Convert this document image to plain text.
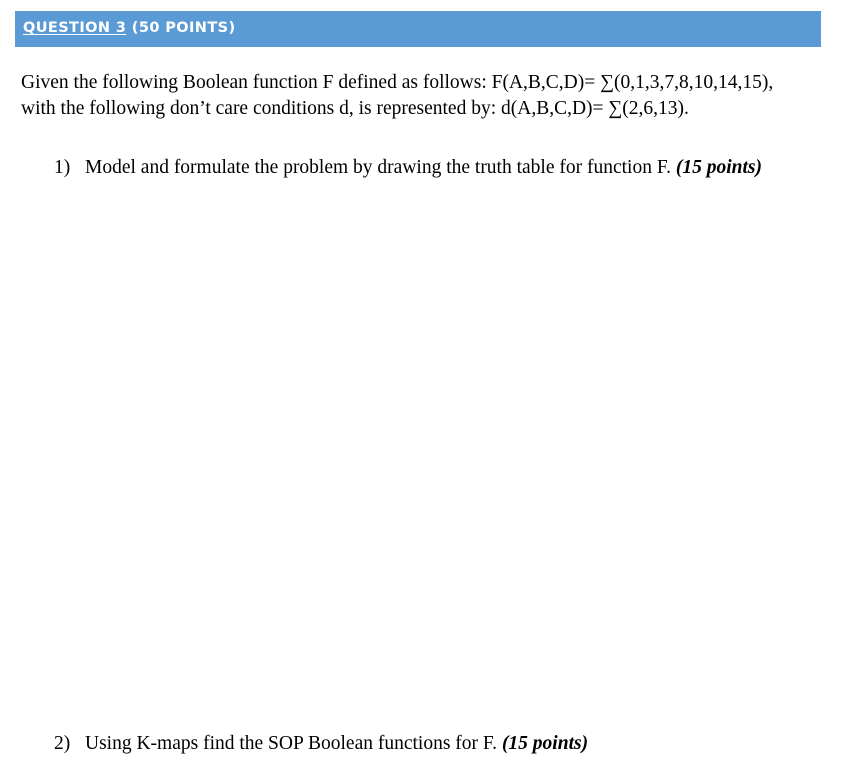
QUESTION 3 (50 POINTS)
Given the following Boolean function F defined as follows: F(A,B,C,D)= ∑(0,1,3,7,8,10,14,15),
with the following don’t care conditions d, is represented by: d(A,B,C,D)= ∑(2,6,13).
1) Model and formulate the problem by drawing the truth table for function F. (15 points)
2) Using K-maps find the SOP Boolean functions for F. (15 points)
